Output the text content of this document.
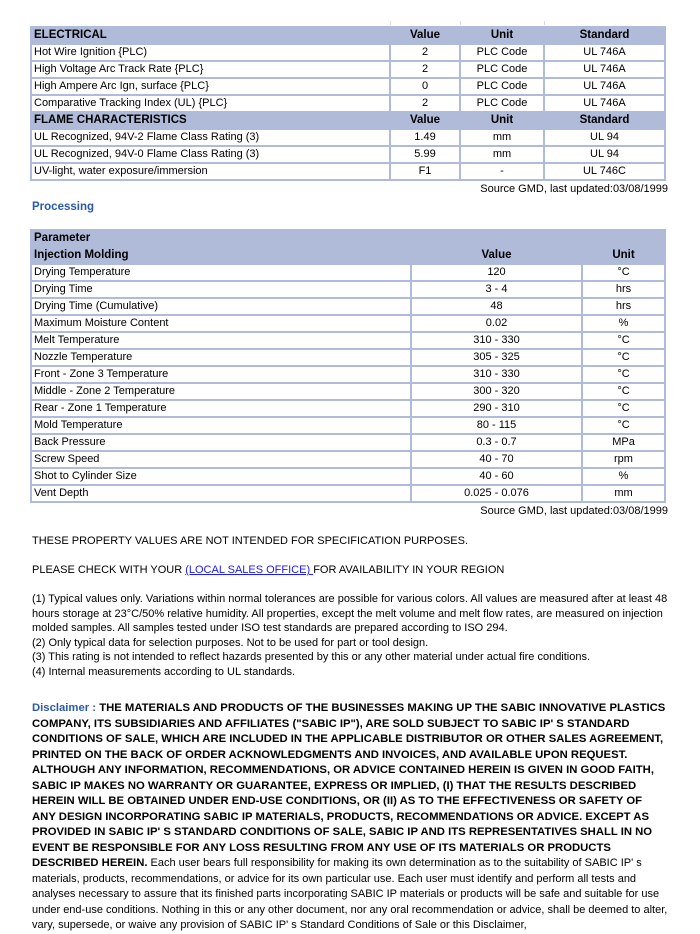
ELECTRICAL	Value	Unit	Standard
Hot Wire Ignition {PLC)	2	PLC Code	UL 746A
High Voltage Arc Track Rate {PLC}	2	PLC Code	UL 746A
High Ampere Arc Ign, surface {PLC}	0	PLC Code	UL 746A
Comparative Tracking Index (UL) {PLC}	2	PLC Code	UL 746A
FLAME CHARACTERISTICS	Value	Unit	Standard
UL Recognized, 94V-2 Flame Class Rating (3)	1.49	mm	UL 94
UL Recognized, 94V-0 Flame Class Rating (3)	5.99	mm	UL 94
UV-light, water exposure/immersion	F1	-	UL 746C
Source GMD, last updated:03/08/1999
Processing
Parameter		
Injection Molding	Value	Unit
Drying Temperature	120	°C
Drying Time	3 - 4	hrs
Drying Time (Cumulative)	48	hrs
Maximum Moisture Content	0.02	%
Melt Temperature	310 - 330	°C
Nozzle Temperature	305 - 325	°C
Front - Zone 3 Temperature	310 - 330	°C
Middle - Zone 2 Temperature	300 - 320	°C
Rear - Zone 1 Temperature	290 - 310	°C
Mold Temperature	80 - 115	°C
Back Pressure	0.3 - 0.7	MPa
Screw Speed	40 - 70	rpm
Shot to Cylinder Size	40 - 60	%
Vent Depth	0.025 - 0.076	mm
Source GMD, last updated:03/08/1999
THESE PROPERTY VALUES ARE NOT INTENDED FOR SPECIFICATION PURPOSES.
PLEASE CHECK WITH YOUR (LOCAL SALES OFFICE) FOR AVAILABILITY IN YOUR REGION
(1) Typical values only. Variations within normal tolerances are possible for various colors. All values are measured after at least 48 hours storage at 23°C/50% relative humidity. All properties, except the melt volume and melt flow rates, are measured on injection molded samples. All samples tested under ISO test standards are prepared according to ISO 294.
(2) Only typical data for selection purposes. Not to be used for part or tool design.
(3) This rating is not intended to reflect hazards presented by this or any other material under actual fire conditions.
(4) Internal measurements according to UL standards.
Disclaimer : THE MATERIALS AND PRODUCTS OF THE BUSINESSES MAKING UP THE SABIC INNOVATIVE PLASTICS COMPANY, ITS SUBSIDIARIES AND AFFILIATES ("SABIC IP"), ARE SOLD SUBJECT TO SABIC IP' S STANDARD CONDITIONS OF SALE, WHICH ARE INCLUDED IN THE APPLICABLE DISTRIBUTOR OR OTHER SALES AGREEMENT, PRINTED ON THE BACK OF ORDER ACKNOWLEDGMENTS AND INVOICES, AND AVAILABLE UPON REQUEST. ALTHOUGH ANY INFORMATION, RECOMMENDATIONS, OR ADVICE CONTAINED HEREIN IS GIVEN IN GOOD FAITH, SABIC IP MAKES NO WARRANTY OR GUARANTEE, EXPRESS OR IMPLIED, (I) THAT THE RESULTS DESCRIBED HEREIN WILL BE OBTAINED UNDER END-USE CONDITIONS, OR (II) AS TO THE EFFECTIVENESS OR SAFETY OF ANY DESIGN INCORPORATING SABIC IP MATERIALS, PRODUCTS, RECOMMENDATIONS OR ADVICE. EXCEPT AS PROVIDED IN SABIC IP' S STANDARD CONDITIONS OF SALE, SABIC IP AND ITS REPRESENTATIVES SHALL IN NO EVENT BE RESPONSIBLE FOR ANY LOSS RESULTING FROM ANY USE OF ITS MATERIALS OR PRODUCTS DESCRIBED HEREIN. Each user bears full responsibility for making its own determination as to the suitability of SABIC IP' s materials, products, recommendations, or advice for its own particular use. Each user must identify and perform all tests and analyses necessary to assure that its finished parts incorporating SABIC IP materials or products will be safe and suitable for use under end-use conditions. Nothing in this or any other document, nor any oral recommendation or advice, shall be deemed to alter, vary, supersede, or waive any provision of SABIC IP' s Standard Conditions of Sale or this Disclaimer,
